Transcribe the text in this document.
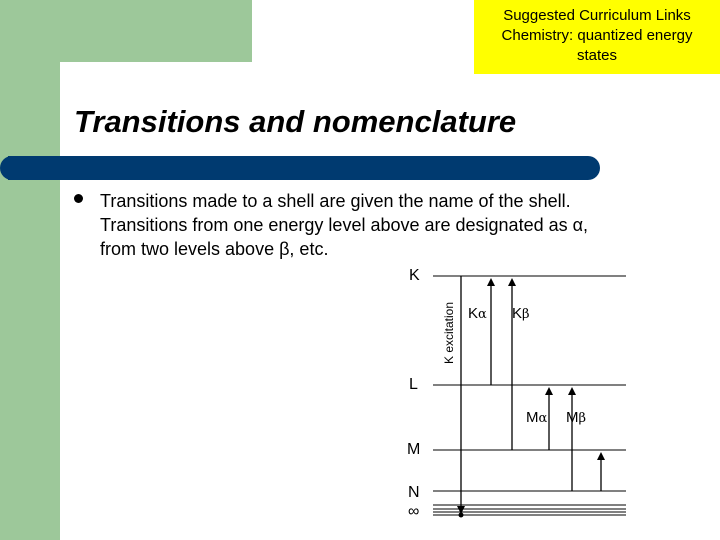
Suggested Curriculum Links
Chemistry: quantized energy
states
Transitions and nomenclature
Transitions made to a shell are given the name of the shell.
Transitions from one energy level above are designated as α,
from two levels above β, etc.
K
L
M
N
∞
K excitation Kα Kβ
Mα Mβ
